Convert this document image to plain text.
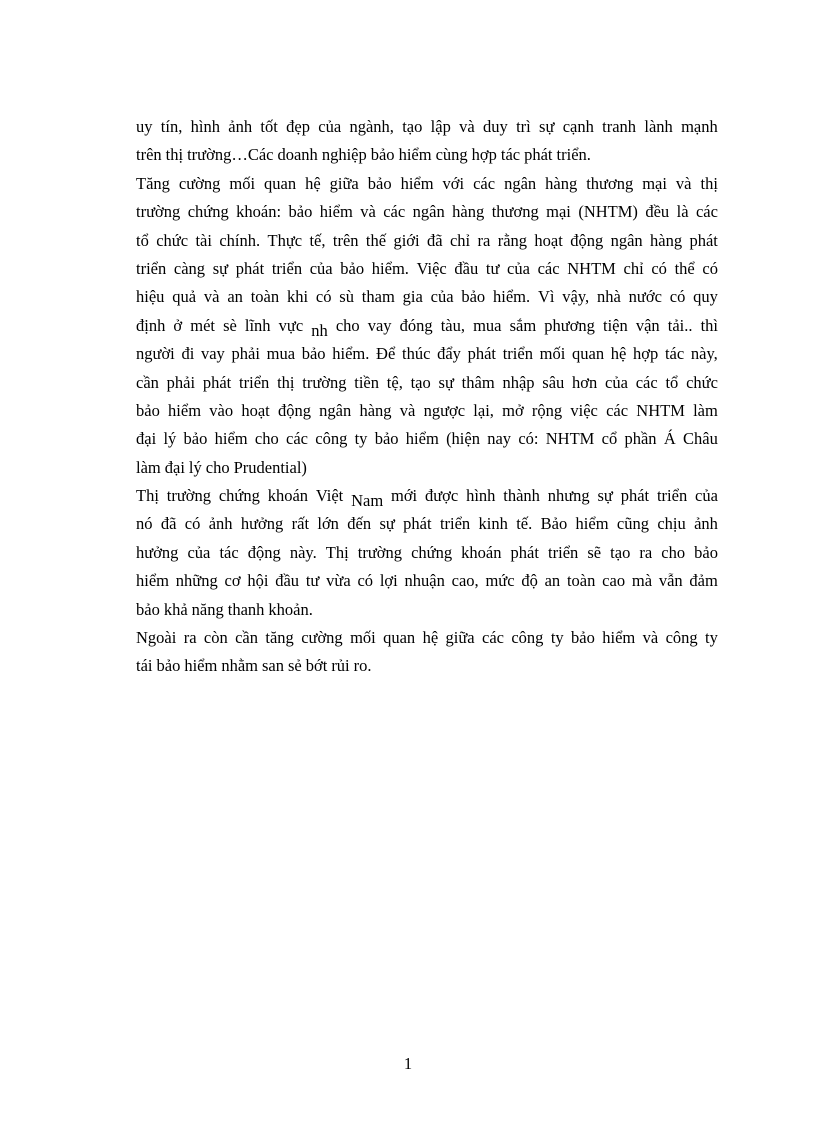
uy tín, hình ảnh tốt đẹp của ngành, tạo lập và duy trì sự cạnh tranh lành mạnh
trên thị trường…Các doanh nghiệp bảo hiểm cùng hợp tác phát triển.
Tăng cường mối quan hệ giữa bảo hiểm với các ngân hàng thương mại và thị
trường chứng khoán: bảo hiểm và các ngân hàng thương mại (NHTM) đều là các
tổ chức tài chính. Thực tế, trên thế giới đã chỉ ra rằng hoạt động ngân hàng phát
triển càng sự phát triển của bảo hiểm. Việc đầu tư của các NHTM chỉ có thể có
hiệu quả và an toàn khi có sù tham gia của bảo hiểm. Vì vậy, nhà nước có quy
định ở mét sè lĩnh vực nh cho vay đóng tàu, mua sắm phương tiện vận tải.. thì
người đi vay phải mua bảo hiểm. Để thúc đẩy phát triển mối quan hệ hợp tác này,
cần phải phát triển thị trường tiền tệ, tạo sự thâm nhập sâu hơn của các tổ chức
bảo hiểm vào hoạt động ngân hàng và ngược lại, mở rộng việc các NHTM làm
đại lý bảo hiểm cho các công ty bảo hiểm (hiện nay có: NHTM cổ phần Á Châu
làm đại lý cho Prudential)
Thị trường chứng khoán Việt Nam mới được hình thành nhưng sự phát triển của
nó đã có ảnh hưởng rất lớn đến sự phát triển kinh tế. Bảo hiểm cũng chịu ảnh
hưởng của tác động này. Thị trường chứng khoán phát triển sẽ tạo ra cho bảo
hiểm những cơ hội đầu tư vừa có lợi nhuận cao, mức độ an toàn cao mà vẫn đảm
bảo khả năng thanh khoản.
Ngoài ra còn cần tăng cường mối quan hệ giữa các công ty bảo hiểm và công ty
tái bảo hiểm nhằm san sẻ bớt rủi ro.
1
